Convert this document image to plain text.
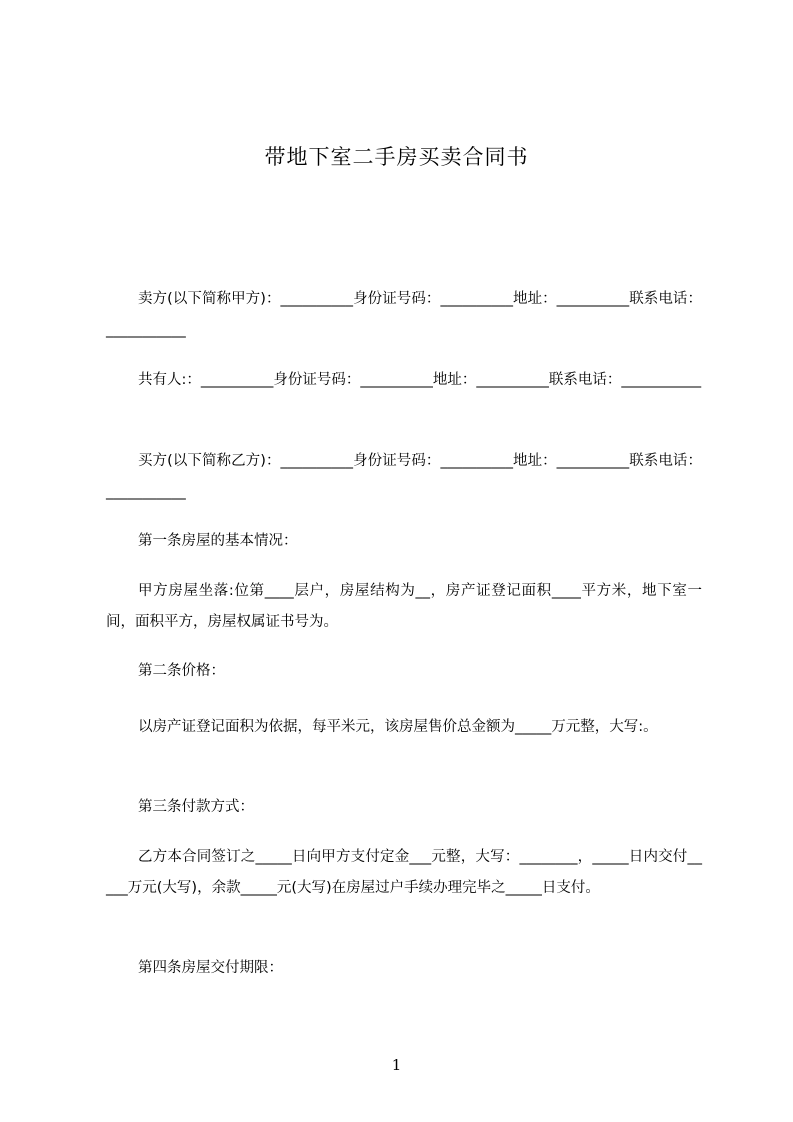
带地下室二手房买卖合同书

卖方(以下简称甲方)：__________身份证号码：__________地址：__________联系电话：___________

共有人:：__________身份证号码：__________地址：__________联系电话：___________

买方(以下简称乙方)：__________身份证号码：__________地址：__________联系电话：___________

第一条房屋的基本情况：

甲方房屋坐落:位第____层户，房屋结构为__，房产证登记面积____平方米，地下室一间，面积平方，房屋权属证书号为。

第二条价格：

以房产证登记面积为依据，每平米元，该房屋售价总金额为_____万元整，大写:。

第三条付款方式：

乙方本合同签订之_____日向甲方支付定金___元整，大写：________，_____日内交付_____万元(大写)，余款_____元(大写)在房屋过户手续办理完毕之_____日支付。

第四条房屋交付期限：

1
